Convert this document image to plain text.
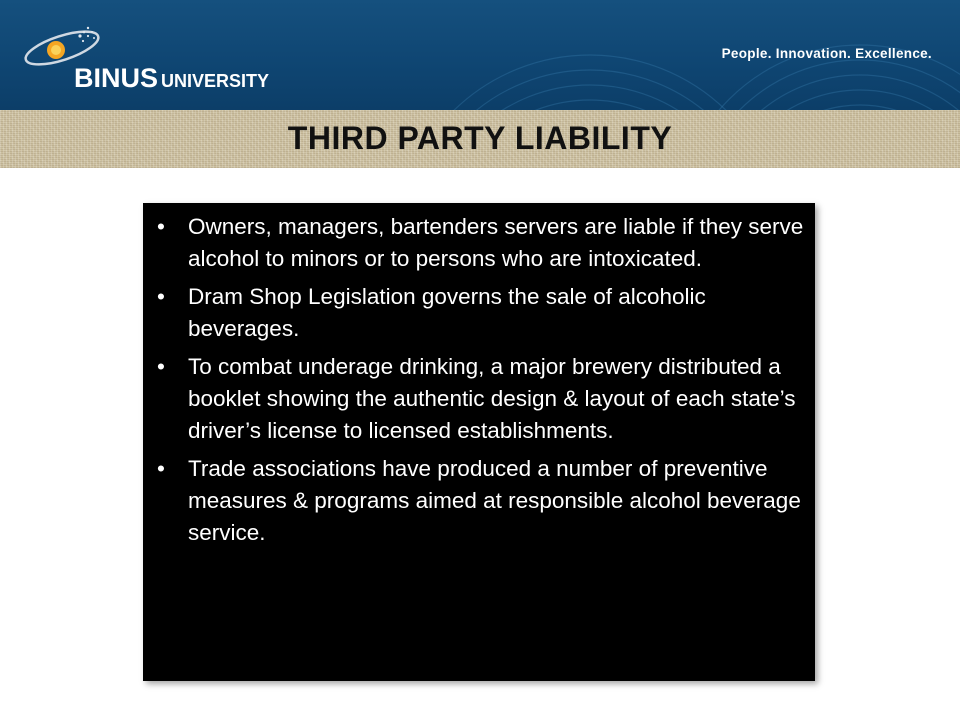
BINUS UNIVERSITY
People. Innovation. Excellence.
THIRD PARTY LIABILITY
• Owners, managers, bartenders servers are liable if they serve alcohol to minors or to persons who are intoxicated.
• Dram Shop Legislation governs the sale of alcoholic beverages.
• To combat underage drinking, a major brewery distributed a booklet showing the authentic design & layout of each state’s driver’s license to licensed establishments.
• Trade associations have produced a number of preventive measures & programs aimed at responsible alcohol beverage service.
